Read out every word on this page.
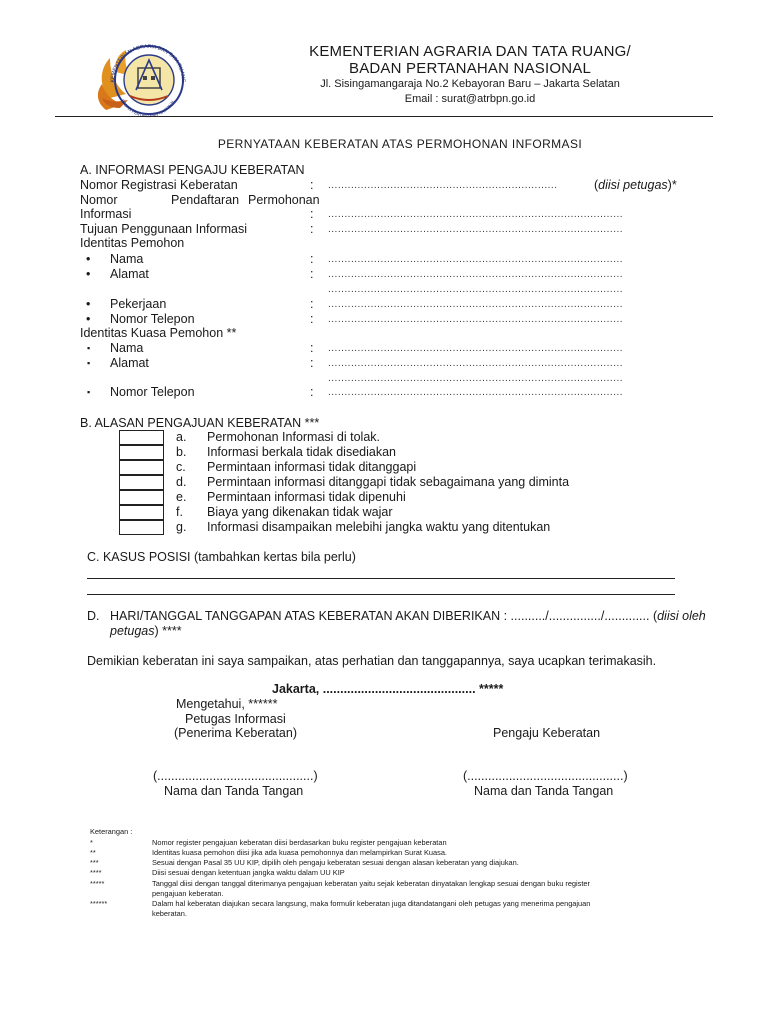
KEMENTERIAN AGRARIA DAN TATA RUANG
BADAN PERTANAHAN NASIONAL
KEMENTERIAN AGRARIA DAN TATA RUANG/
BADAN PERTANAHAN NASIONAL
Jl. Sisingamangaraja No.2 Kebayoran Baru – Jakarta Selatan
Email : surat@atrbpn.go.id
PERNYATAAN KEBERATAN ATAS PERMOHONAN INFORMASI
A. INFORMASI PENGAJU KEBERATAN
Nomor Registrasi Keberatan	: ......................................................................	(diisi petugas)*
Nomor	Pendaftaran Permohonan
Informasi	: ..........................................................................................
Tujuan Penggunaan Informasi	: ..........................................................................................
Identitas Pemohon
• Nama	: ..........................................................................................
• Alamat	: ..........................................................................................
..........................................................................................
• Pekerjaan	: ..........................................................................................
• Nomor Telepon	: ..........................................................................................
Identitas Kuasa Pemohon **
▪ Nama	: ..........................................................................................
▪ Alamat	: ..........................................................................................
..........................................................................................
▪ Nomor Telepon	: ..........................................................................................
B. ALASAN PENGAJUAN KEBERATAN ***
a. Permohonan Informasi di tolak.
b. Informasi berkala tidak disediakan
c. Permintaan informasi tidak ditanggapi
d. Permintaan informasi ditanggapi tidak sebagaimana yang diminta
e. Permintaan informasi tidak dipenuhi
f. Biaya yang dikenakan tidak wajar
g. Informasi disampaikan melebihi jangka waktu yang ditentukan
C. KASUS POSISI (tambahkan kertas bila perlu)
D. HARI/TANGGAL TANGGAPAN ATAS KEBERATAN AKAN DIBERIKAN : ........../.............../............. (diisi oleh
petugas) ****
Demikian keberatan ini saya sampaikan, atas perhatian dan tanggapannya, saya ucapkan terimakasih.
Jakarta, ............................................ *****
Mengetahui, ******
Petugas Informasi
(Penerima Keberatan)	Pengaju Keberatan
(.............................................)
Nama dan Tanda Tangan
(.............................................)
Nama dan Tanda Tangan
Keterangan :
*	Nomor register pengajuan keberatan diisi berdasarkan buku register pengajuan keberatan
**	Identitas kuasa pemohon diisi jika ada kuasa pemohonnya dan melampirkan Surat Kuasa.
***	Sesuai dengan Pasal 35 UU KIP, dipilih oleh pengaju keberatan sesuai dengan alasan keberatan yang diajukan.
****	Diisi sesuai dengan ketentuan jangka waktu dalam UU KIP
*****	Tanggal diisi dengan tanggal diterimanya pengajuan keberatan yaitu sejak keberatan dinyatakan lengkap sesuai dengan buku register
pengajuan keberatan.
******	Dalam hal keberatan diajukan secara langsung, maka formulir keberatan juga ditandatangani oleh petugas yang menerima pengajuan
keberatan.
